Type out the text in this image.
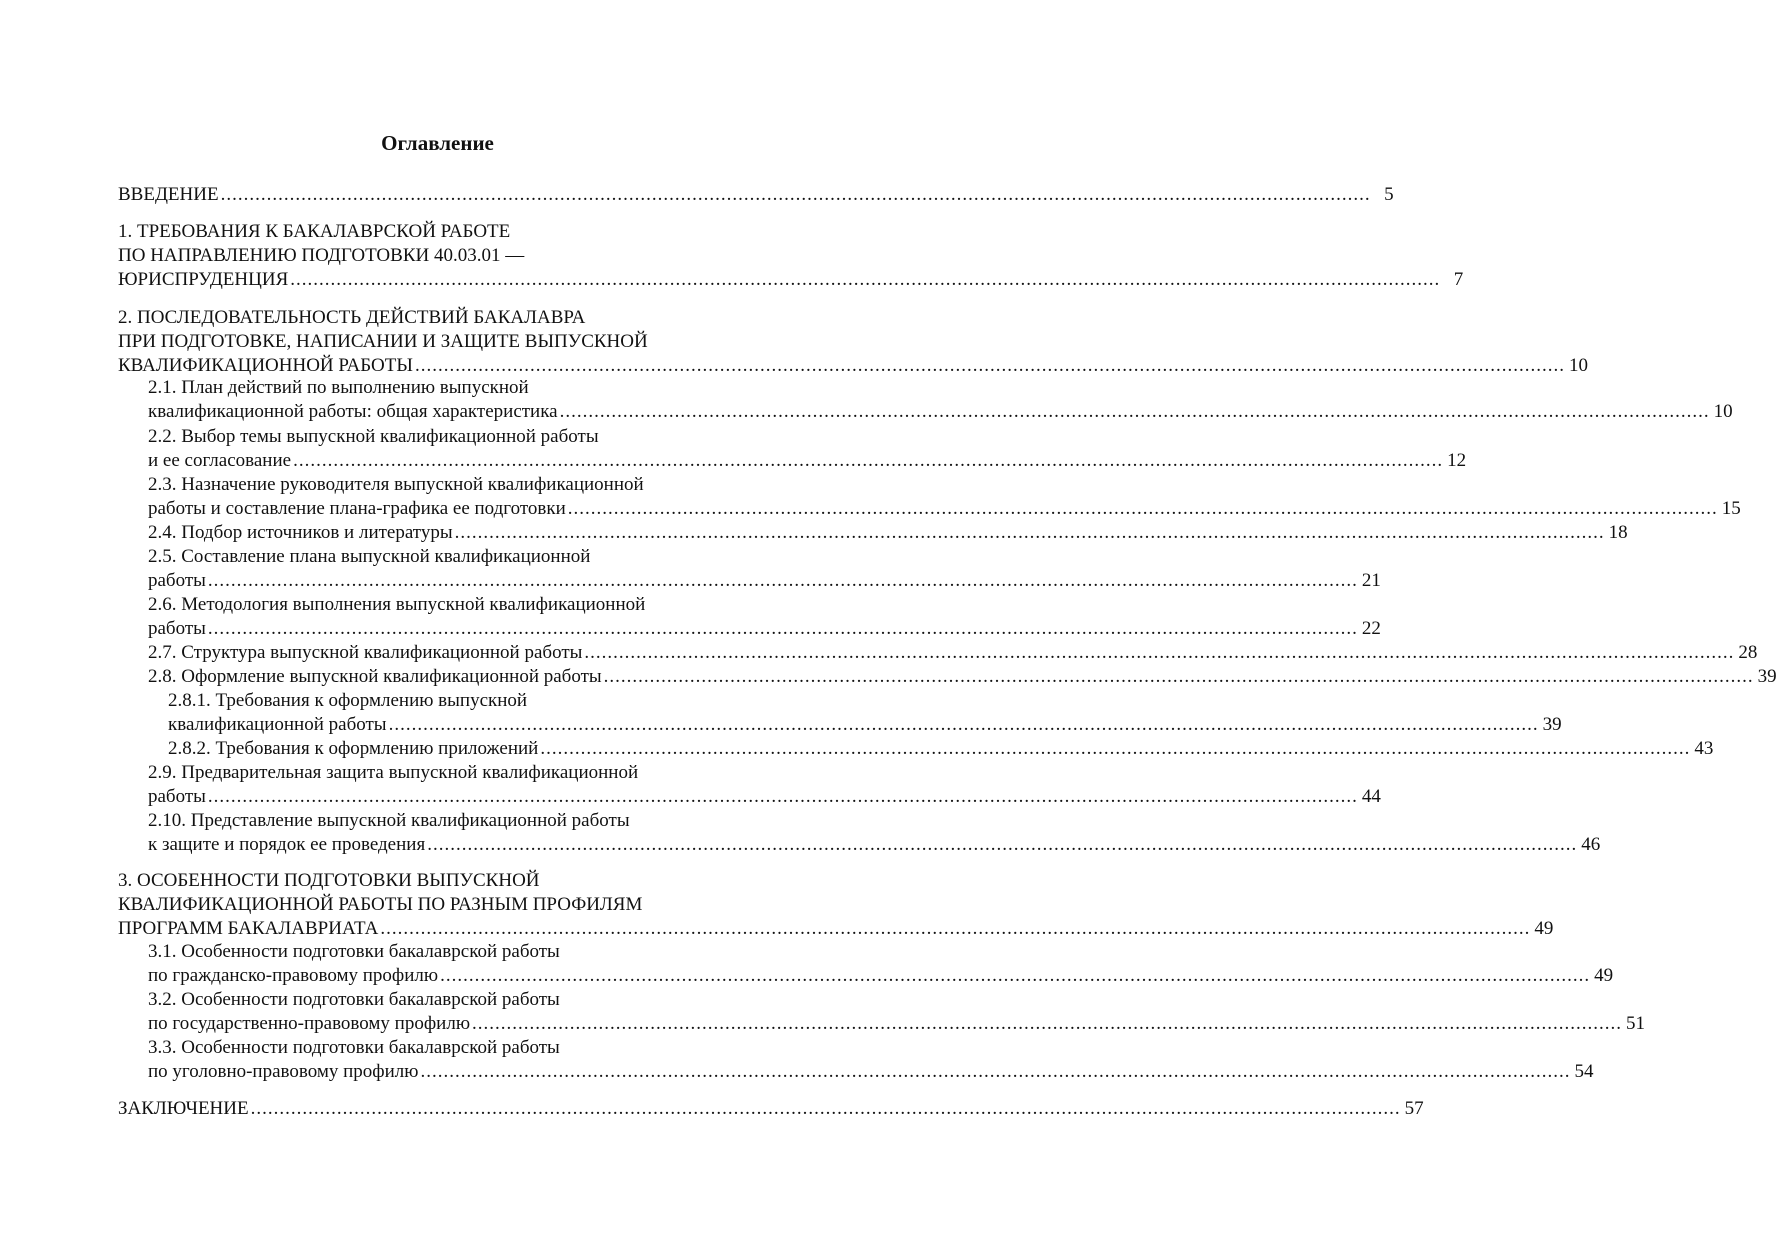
Оглавление
ВВЕДЕНИЕ ........................................................................................................................................................................................................ 5
1. ТРЕБОВАНИЯ К БАКАЛАВРСКОЙ РАБОТЕ
ПО НАПРАВЛЕНИЮ ПОДГОТОВКИ 40.03.01 —
ЮРИСПРУДЕНЦИЯ ........................................................................................................................................................................................................ 7
2. ПОСЛЕДОВАТЕЛЬНОСТЬ ДЕЙСТВИЙ БАКАЛАВРА
ПРИ ПОДГОТОВКЕ, НАПИСАНИИ И ЗАЩИТЕ ВЫПУСКНОЙ
КВАЛИФИКАЦИОННОЙ РАБОТЫ ........................................................................................................................................................................................................ 10
2.1. План действий по выполнению выпускной
квалификационной работы: общая характеристика ........................................................................................................................................................................................................ 10
2.2. Выбор темы выпускной квалификационной работы
и ее согласование ........................................................................................................................................................................................................ 12
2.3. Назначение руководителя выпускной квалификационной
работы и составление плана-графика ее подготовки ........................................................................................................................................................................................................ 15
2.4. Подбор источников и литературы ........................................................................................................................................................................................................ 18
2.5. Составление плана выпускной квалификационной
работы ........................................................................................................................................................................................................ 21
2.6. Методология выполнения выпускной квалификационной
работы ........................................................................................................................................................................................................ 22
2.7. Структура выпускной квалификационной работы ........................................................................................................................................................................................................ 28
2.8. Оформление выпускной квалификационной работы ........................................................................................................................................................................................................ 39
2.8.1. Требования к оформлению выпускной
квалификационной работы ........................................................................................................................................................................................................ 39
2.8.2. Требования к оформлению приложений ........................................................................................................................................................................................................ 43
2.9. Предварительная защита выпускной квалификационной
работы ........................................................................................................................................................................................................ 44
2.10. Представление выпускной квалификационной работы
к защите и порядок ее проведения ........................................................................................................................................................................................................ 46
3. ОСОБЕННОСТИ ПОДГОТОВКИ ВЫПУСКНОЙ
КВАЛИФИКАЦИОННОЙ РАБОТЫ ПО РАЗНЫМ ПРОФИЛЯМ
ПРОГРАММ БАКАЛАВРИАТА ........................................................................................................................................................................................................ 49
3.1. Особенности подготовки бакалаврской работы
по гражданско-правовому профилю ........................................................................................................................................................................................................ 49
3.2. Особенности подготовки бакалаврской работы
по государственно-правовому профилю ........................................................................................................................................................................................................ 51
3.3. Особенности подготовки бакалаврской работы
по уголовно-правовому профилю ........................................................................................................................................................................................................ 54
ЗАКЛЮЧЕНИЕ ........................................................................................................................................................................................................ 57
